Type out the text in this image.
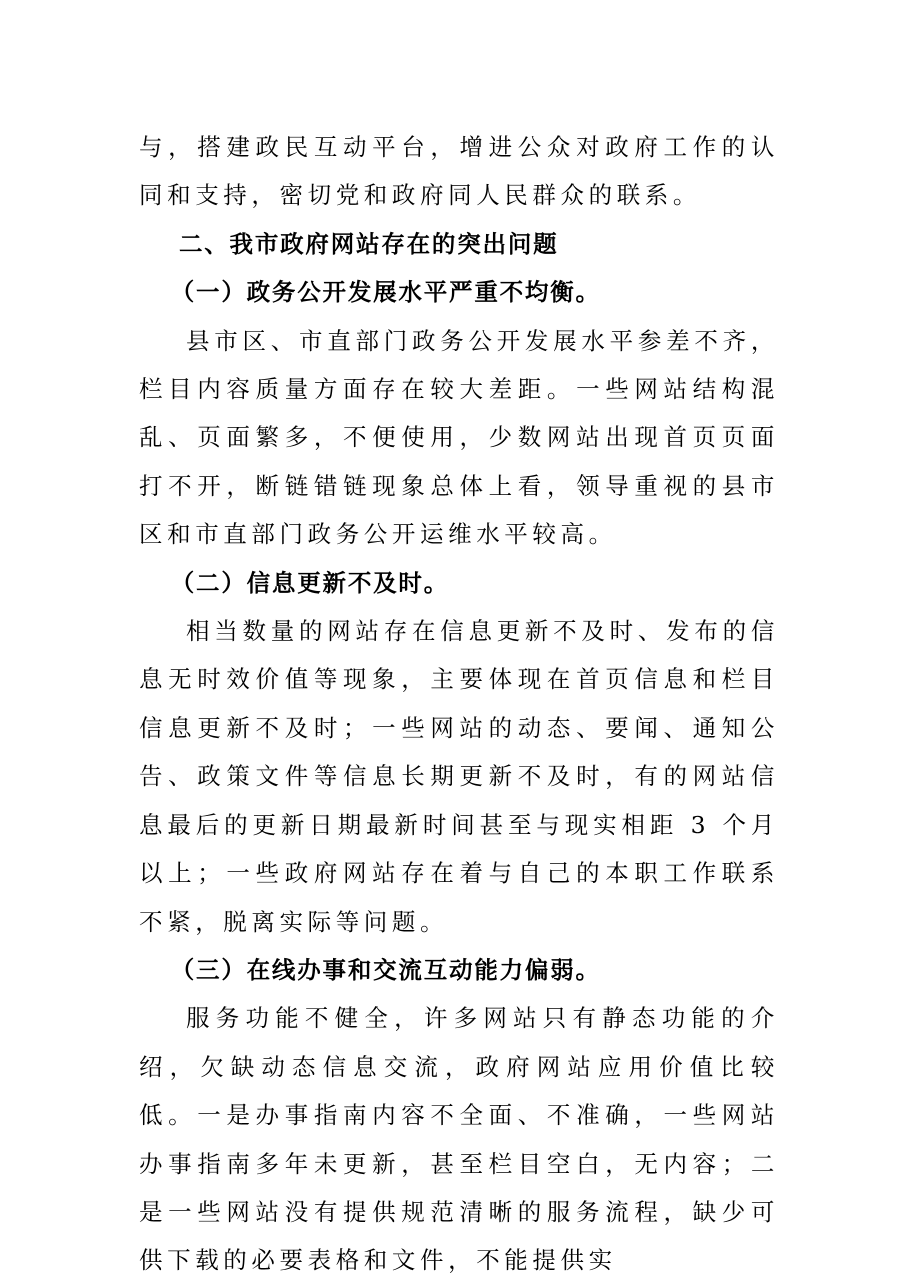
与，搭建政民互动平台，增进公众对政府工作的认同和支持，密切党和政府同人民群众的联系。

二、我市政府网站存在的突出问题

（一）政务公开发展水平严重不均衡。

县市区、市直部门政务公开发展水平参差不齐，栏目内容质量方面存在较大差距。一些网站结构混乱、页面繁多，不便使用，少数网站出现首页页面打不开，断链错链现象总体上看，领导重视的县市区和市直部门政务公开运维水平较高。

（二）信息更新不及时。

相当数量的网站存在信息更新不及时、发布的信息无时效价值等现象，主要体现在首页信息和栏目信息更新不及时；一些网站的动态、要闻、通知公告、政策文件等信息长期更新不及时，有的网站信息最后的更新日期最新时间甚至与现实相距 3 个月以上；一些政府网站存在着与自己的本职工作联系不紧，脱离实际等问题。

（三）在线办事和交流互动能力偏弱。

服务功能不健全，许多网站只有静态功能的介绍，欠缺动态信息交流，政府网站应用价值比较低。一是办事指南内容不全面、不准确，一些网站办事指南多年未更新，甚至栏目空白，无内容；二是一些网站没有提供规范清晰的服务流程，缺少可供下载的必要表格和文件，不能提供实
